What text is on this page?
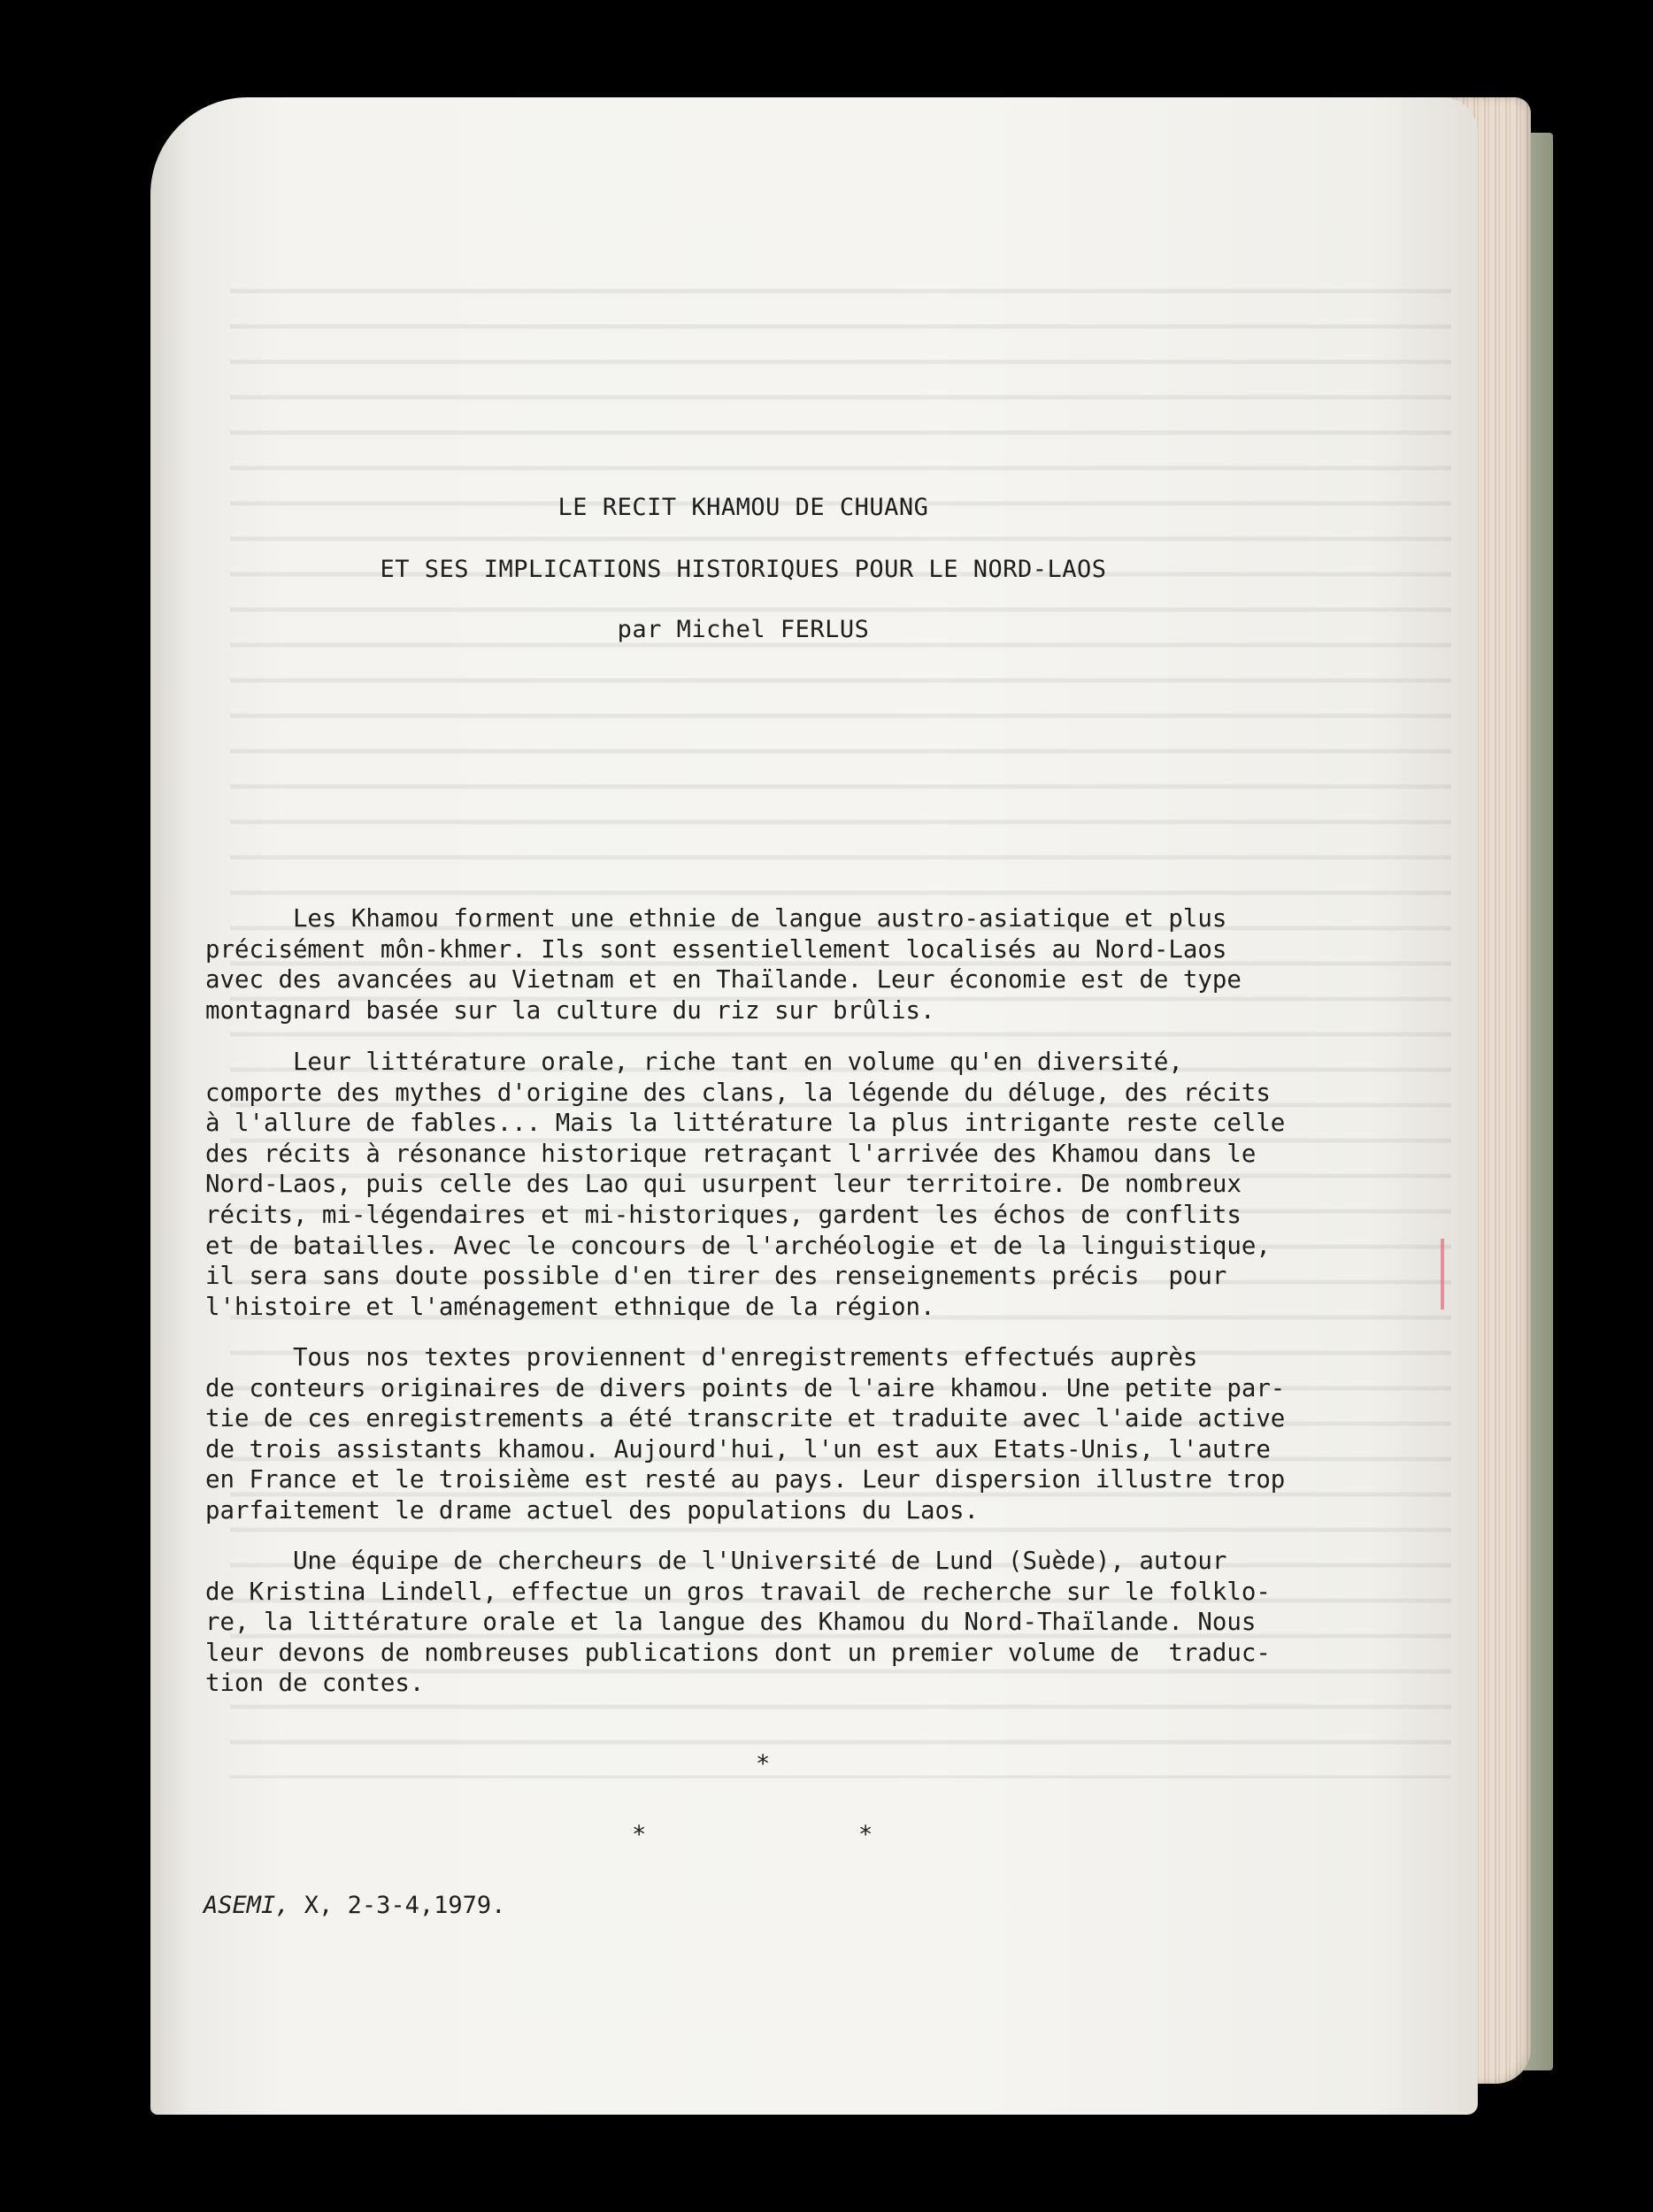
LE RECIT KHAMOU DE CHUANG
ET SES IMPLICATIONS HISTORIQUES POUR LE NORD-LAOS
par Michel FERLUS
Les Khamou forment une ethnie de langue austro-asiatique et plus
précisément môn-khmer. Ils sont essentiellement localisés au Nord-Laos
avec des avancées au Vietnam et en Thaïlande. Leur économie est de type
montagnard basée sur la culture du riz sur brûlis.
Leur littérature orale, riche tant en volume qu'en diversité,
comporte des mythes d'origine des clans, la légende du déluge, des récits
à l'allure de fables... Mais la littérature la plus intrigante reste celle
des récits à résonance historique retraçant l'arrivée des Khamou dans le
Nord-Laos, puis celle des Lao qui usurpent leur territoire. De nombreux
récits, mi-légendaires et mi-historiques, gardent les échos de conflits
et de batailles. Avec le concours de l'archéologie et de la linguistique,
il sera sans doute possible d'en tirer des renseignements précis  pour
l'histoire et l'aménagement ethnique de la région.
Tous nos textes proviennent d'enregistrements effectués auprès
de conteurs originaires de divers points de l'aire khamou. Une petite par-
tie de ces enregistrements a été transcrite et traduite avec l'aide active
de trois assistants khamou. Aujourd'hui, l'un est aux Etats-Unis, l'autre
en France et le troisième est resté au pays. Leur dispersion illustre trop
parfaitement le drame actuel des populations du Laos.
Une équipe de chercheurs de l'Université de Lund (Suède), autour
de Kristina Lindell, effectue un gros travail de recherche sur le folklo-
re, la littérature orale et la langue des Khamou du Nord-Thaïlande. Nous
leur devons de nombreuses publications dont un premier volume de  traduc-
tion de contes.
*
*	*
ASEMI, X, 2-3-4,1979.
